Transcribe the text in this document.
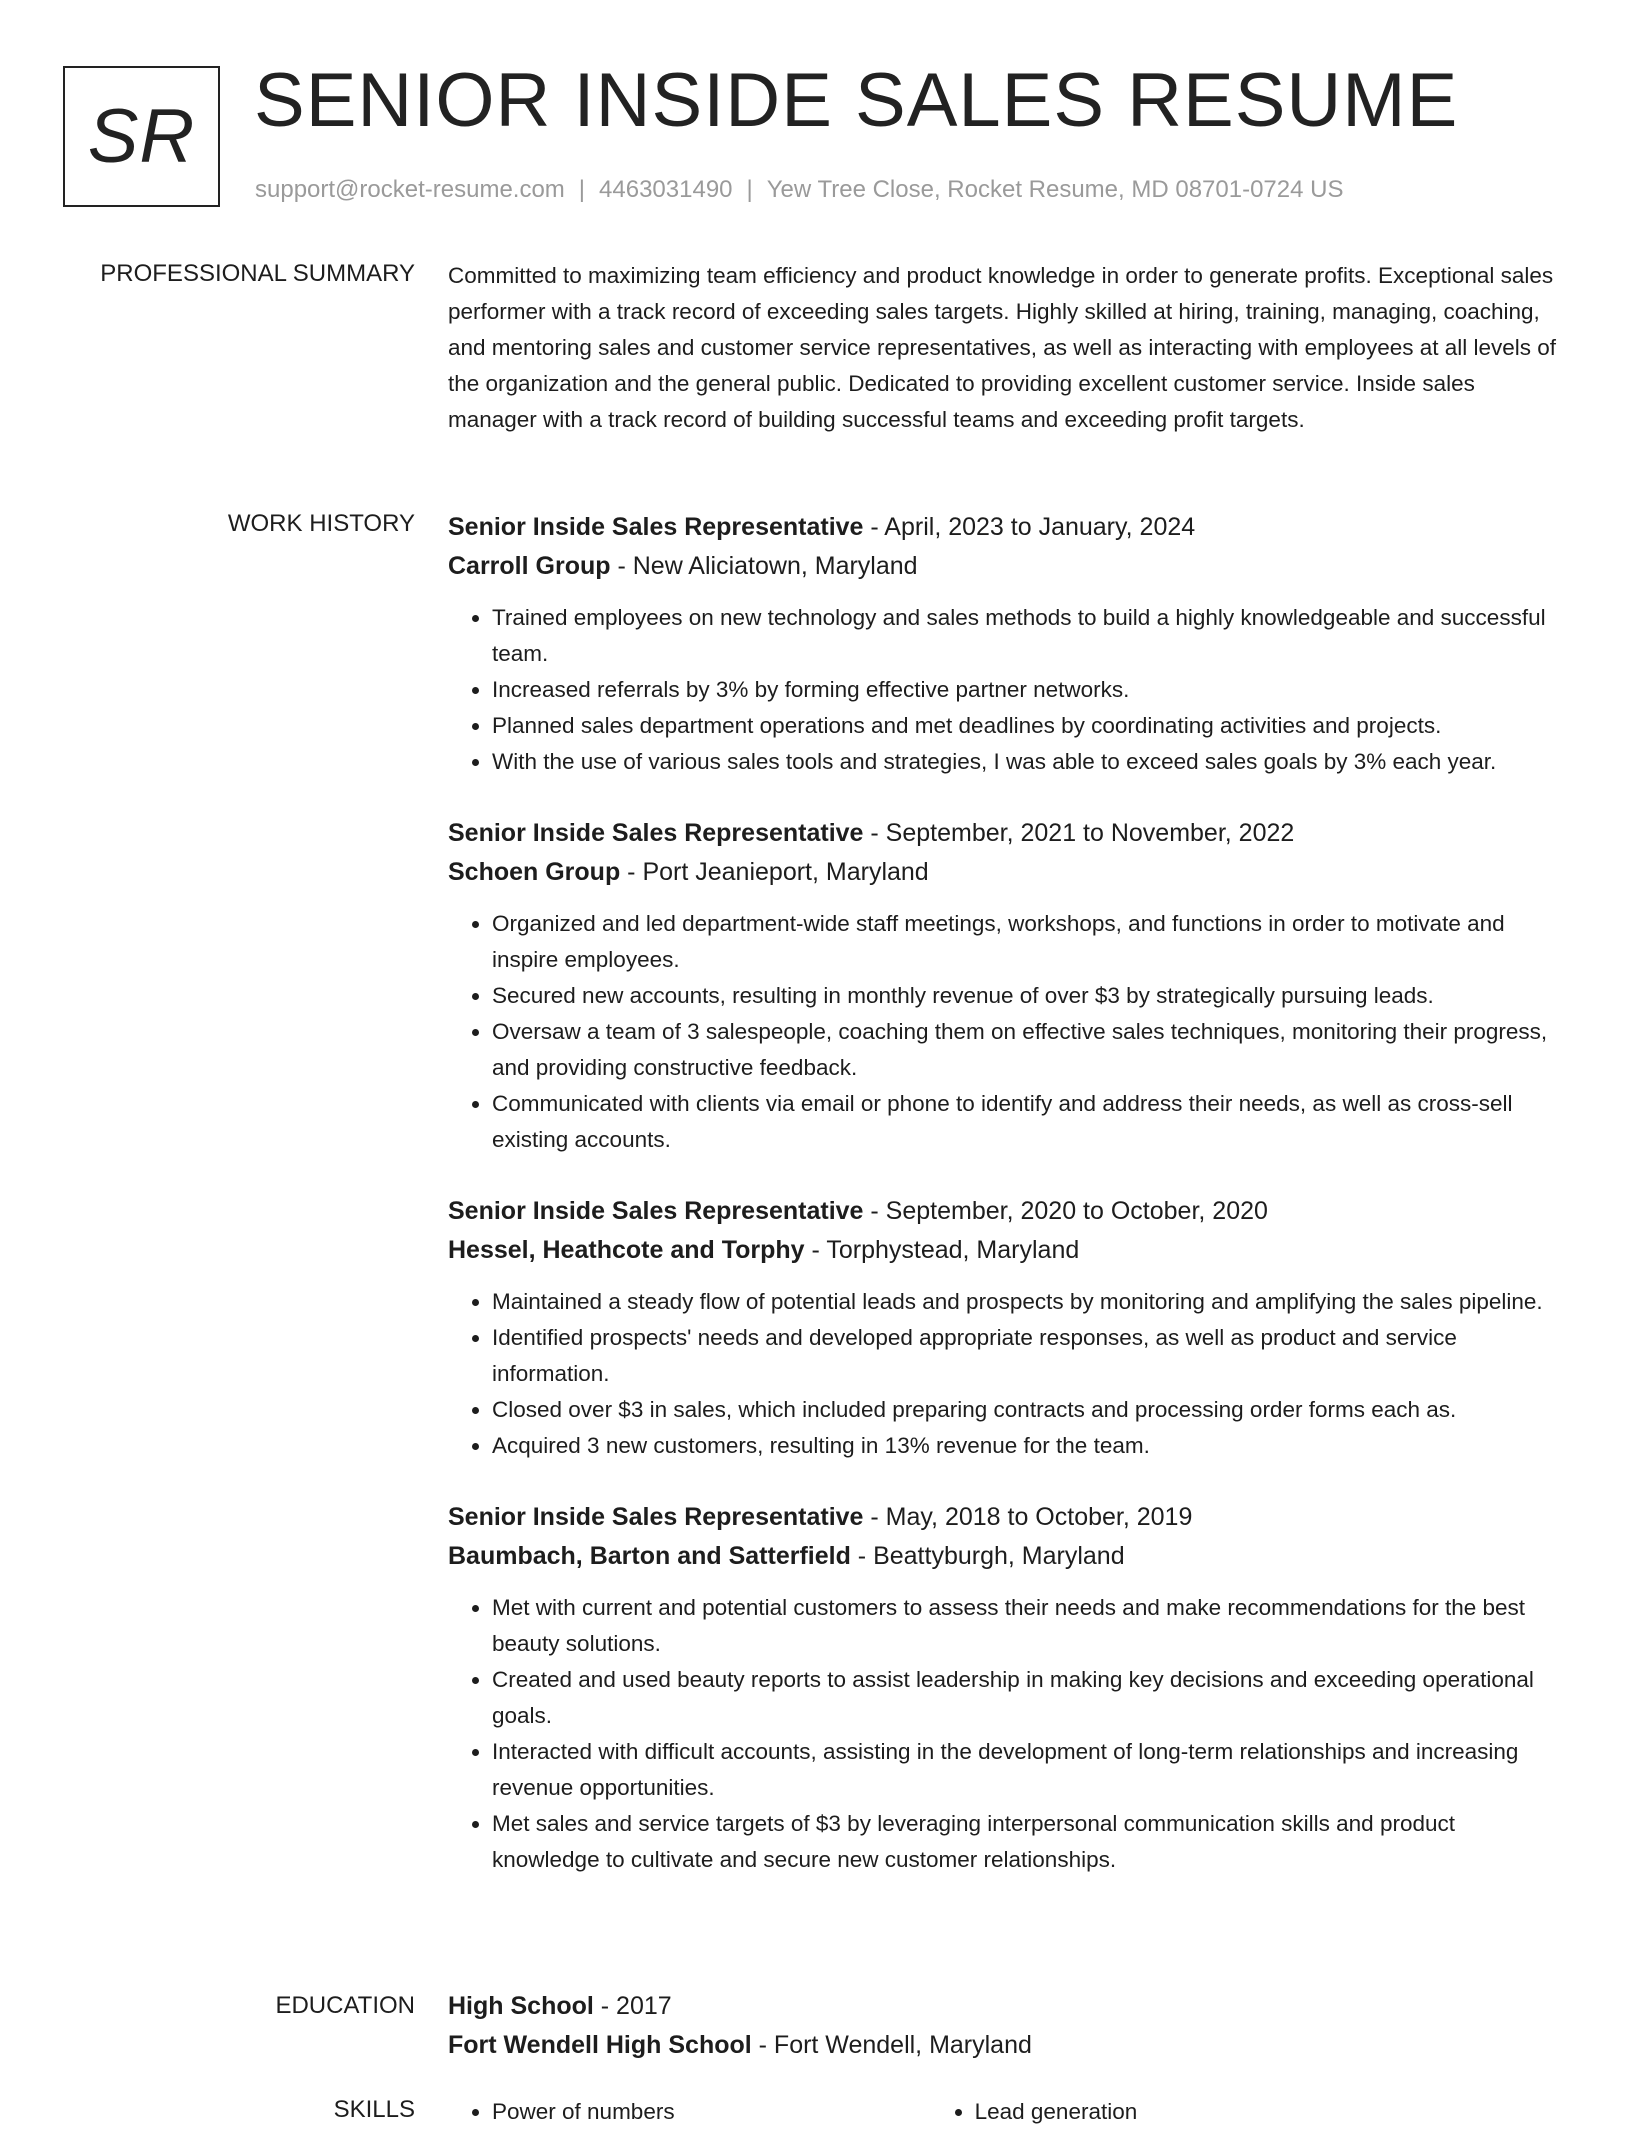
SR SENIOR INSIDE SALES RESUME
support@rocket-resume.com | 4463031490 | Yew Tree Close, Rocket Resume, MD 08701-0724 US
PROFESSIONAL SUMMARY Committed to maximizing team efficiency and product knowledge in order to generate profits. Exceptional sales performer with a track record of exceeding sales targets. Highly skilled at hiring, training, managing, coaching, and mentoring sales and customer service representatives, as well as interacting with employees at all levels of the organization and the general public. Dedicated to providing excellent customer service. Inside sales manager with a track record of building successful teams and exceeding profit targets.

WORK HISTORY Senior Inside Sales Representative - April, 2023 to January, 2024

Carroll Group - New Aliciatown, Maryland

• Trained employees on new technology and sales methods to build a highly knowledgeable and successful team.
• Increased referrals by 3% by forming effective partner networks.
• Planned sales department operations and met deadlines by coordinating activities and projects.
• With the use of various sales tools and strategies, I was able to exceed sales goals by 3% each year.

Senior Inside Sales Representative - September, 2021 to November, 2022

Schoen Group - Port Jeanieport, Maryland

• Organized and led department-wide staff meetings, workshops, and functions in order to motivate and inspire employees.
• Secured new accounts, resulting in monthly revenue of over $3 by strategically pursuing leads.
• Oversaw a team of 3 salespeople, coaching them on effective sales techniques, monitoring their progress, and providing constructive feedback.
• Communicated with clients via email or phone to identify and address their needs, as well as cross-sell existing accounts.

Senior Inside Sales Representative - September, 2020 to October, 2020

Hessel, Heathcote and Torphy - Torphystead, Maryland

• Maintained a steady flow of potential leads and prospects by monitoring and amplifying the sales pipeline.
• Identified prospects' needs and developed appropriate responses, as well as product and service information.
• Closed over $3 in sales, which included preparing contracts and processing order forms each as.
• Acquired 3 new customers, resulting in 13% revenue for the team.

Senior Inside Sales Representative - May, 2018 to October, 2019

Baumbach, Barton and Satterfield - Beattyburgh, Maryland

• Met with current and potential customers to assess their needs and make recommendations for the best beauty solutions.
• Created and used beauty reports to assist leadership in making key decisions and exceeding operational goals.
• Interacted with difficult accounts, assisting in the development of long-term relationships and increasing revenue opportunities.
• Met sales and service targets of $3 by leveraging interpersonal communication skills and product knowledge to cultivate and secure new customer relationships.
EDUCATION High School - 2017

Fort Wendell High School - Fort Wendell, Maryland

SKILLS	• Power of numbers	• Lead generation
